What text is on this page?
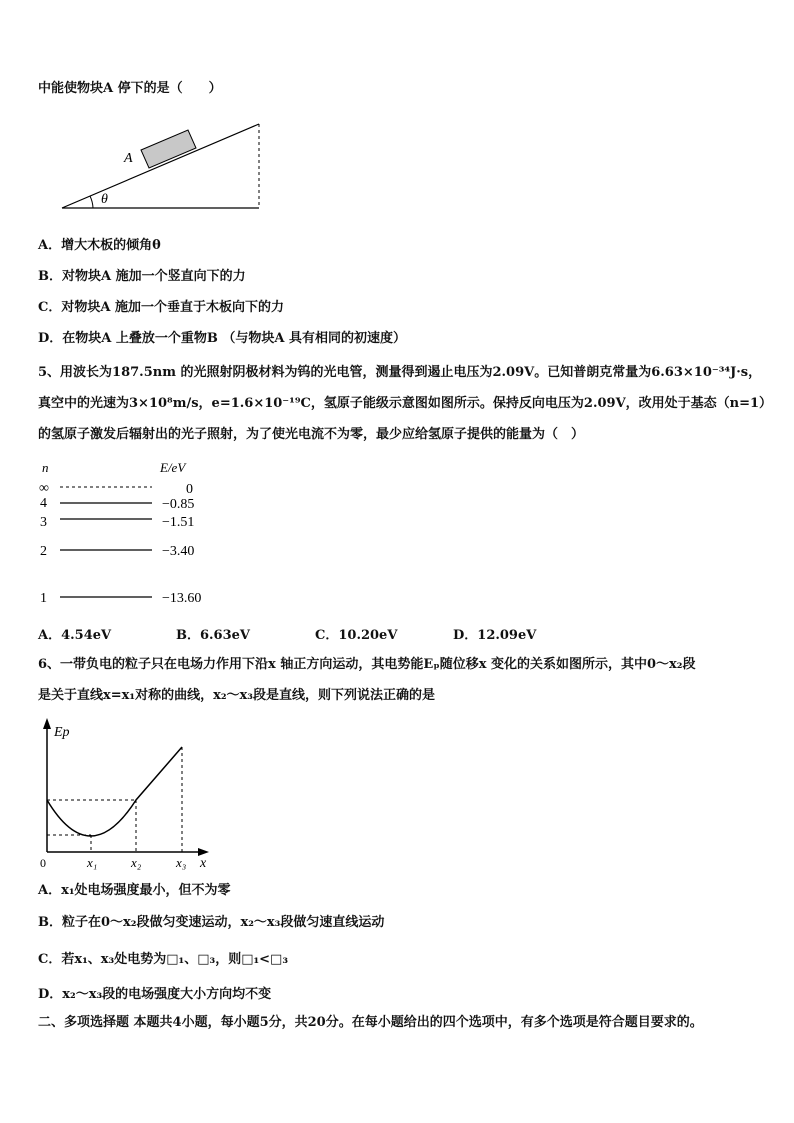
中能使物块A 停下的是（　　）
A
θ
A．增大木板的倾角θ
B．对物块A 施加一个竖直向下的力
C．对物块A 施加一个垂直于木板向下的力
D．在物块A 上叠放一个重物B （与物块A 具有相同的初速度）
5、用波长为187.5nm 的光照射阴极材料为钨的光电管，测量得到遏止电压为2.09V。已知普朗克常量为6.63×10⁻³⁴J·s，
真空中的光速为3×10⁸m/s，e=1.6×10⁻¹⁹C，氢原子能级示意图如图所示。保持反向电压为2.09V，改用处于基态（n=1）
的氢原子激发后辐射出的光子照射，为了使光电流不为零，最少应给氢原子提供的能量为（　）
n	E/eV
∞	0
4	−0.85
3	−1.51
2	−3.40
1	−13.60
A．4.54eV	B．6.63eV	C．10.20eV	D．12.09eV
6、一带负电的粒子只在电场力作用下沿x 轴正方向运动，其电势能Eₚ随位移x 变化的关系如图所示，其中0～x₂段
是关于直线x=x₁对称的曲线，x₂～x₃段是直线，则下列说法正确的是
Ep
0	x₁	x₂	x₃ x
A．x₁处电场强度最小，但不为零
B．粒子在0～x₂段做匀变速运动，x₂～x₃段做匀速直线运动
C．若x₁、x₃处电势为□₁、□₃，则□₁<□₃
D．x₂～x₃段的电场强度大小方向均不变
二、多项选择题 本题共4小题，每小题5分，共20分。在每小题给出的四个选项中，有多个选项是符合题目要求的。
